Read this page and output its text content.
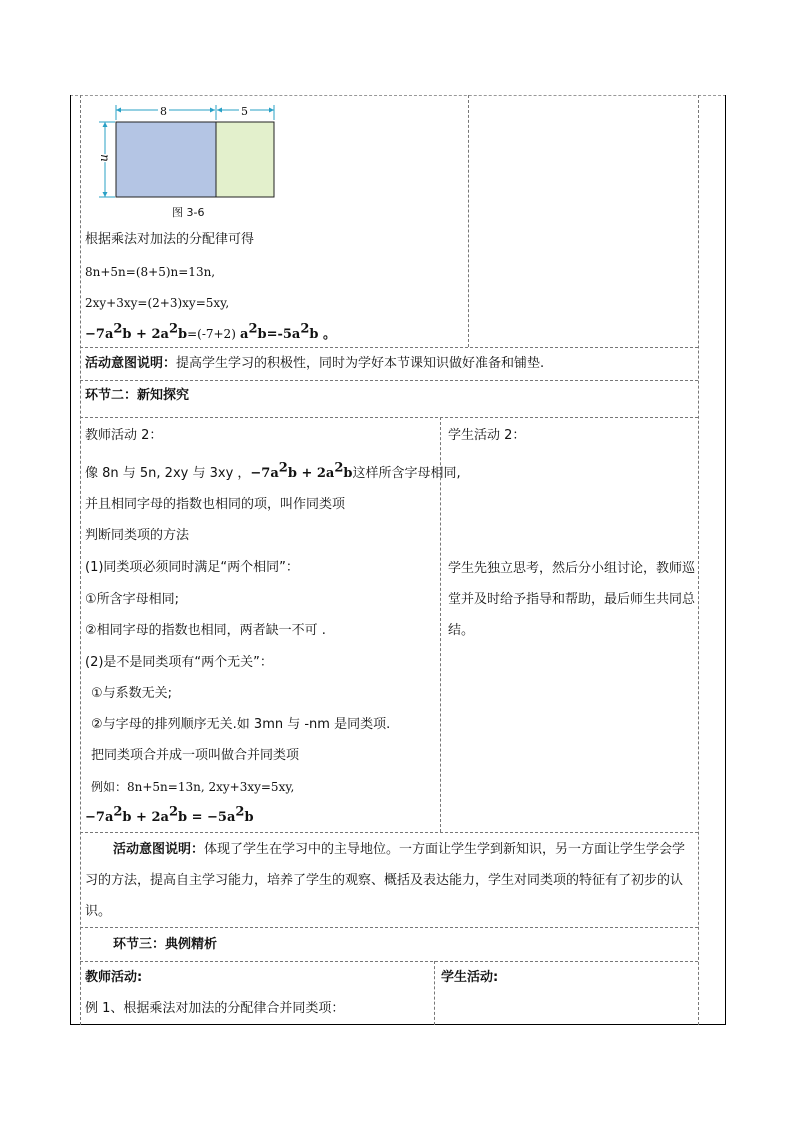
8	5
n
图 3-6
根据乘法对加法的分配律可得
8n+5n=(8+5)n=13n,
2xy+3xy=(2+3)xy=5xy,
$-7a^2b + 2a^2b=(-7+2)$ $a^2b=-5a^2b$ 。
活动意图说明：提高学生学习的积极性，同时为学好本节课知识做好准备和铺垫.
环节二：新知探究
教师活动 2：
像 8n 与 5n, 2xy 与 3xy ，$-7a^2b + 2a^2b$这样所含字母相同,
并且相同字母的指数也相同的项，叫作同类项
判断同类项的方法
(1)同类项必须同时满足“两个相同”：
①所含字母相同;
②相同字母的指数也相同，两者缺一不可 .
(2)是不是同类项有“两个无关”：
①与系数无关;
②与字母的排列顺序无关.如 3mn 与 -nm 是同类项.
把同类项合并成一项叫做合并同类项
例如：8n+5n=13n, 2xy+3xy=5xy,
$-7a^2b + 2a^2b = -5a^2b$
学生活动 2：
学生先独立思考，然后分小组讨论，教师巡堂并及时给予指导和帮助，最后师生共同总结。
活动意图说明：体现了学生在学习中的主导地位。一方面让学生学到新知识，另一方面让学生学会学习的方法，提高自主学习能力，培养了学生的观察、概括及表达能力，学生对同类项的特征有了初步的认识。
环节三：典例精析
教师活动:
例 1、根据乘法对加法的分配律合并同类项：
学生活动:
